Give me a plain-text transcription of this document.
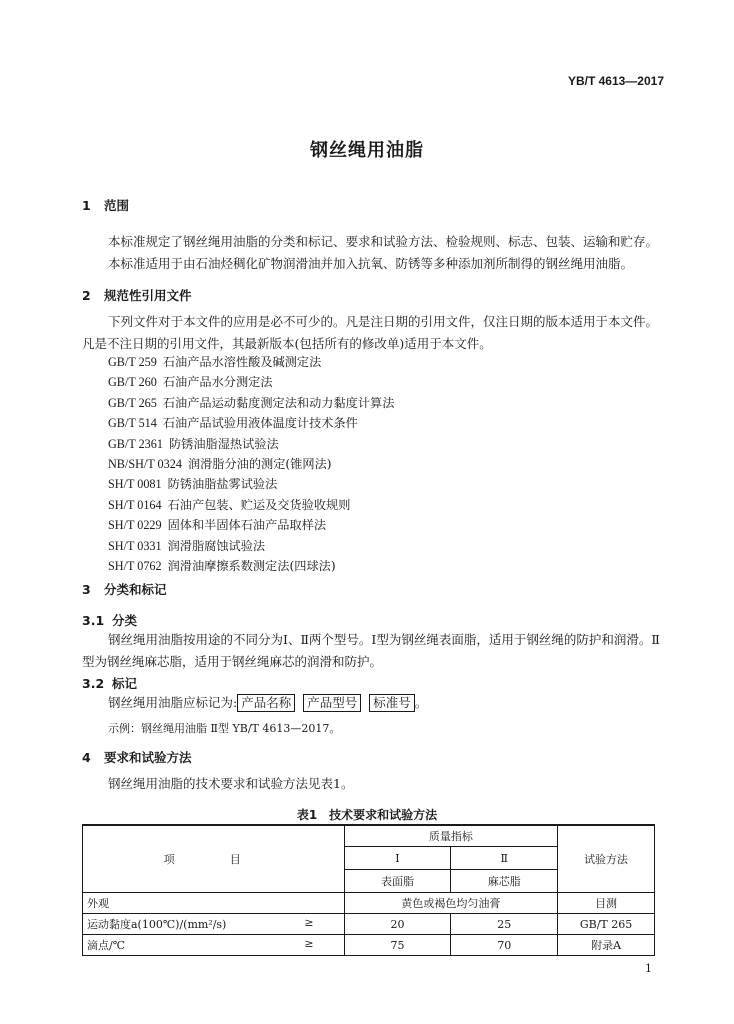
YB/T 4613—2017
钢丝绳用油脂
1 范围
本标准规定了钢丝绳用油脂的分类和标记、要求和试验方法、检验规则、标志、包装、运输和贮存。
本标准适用于由石油烃稠化矿物润滑油并加入抗氧、防锈等多种添加剂所制得的钢丝绳用油脂。
2 规范性引用文件
下列文件对于本文件的应用是必不可少的。凡是注日期的引用文件，仅注日期的版本适用于本文件。凡是不注日期的引用文件，其最新版本(包括所有的修改单)适用于本文件。
GB/T 259 石油产品水溶性酸及碱测定法
GB/T 260 石油产品水分测定法
GB/T 265 石油产品运动黏度测定法和动力黏度计算法
GB/T 514 石油产品试验用液体温度计技术条件
GB/T 2361 防锈油脂湿热试验法
NB/SH/T 0324 润滑脂分油的测定(锥网法)
SH/T 0081 防锈油脂盐雾试验法
SH/T 0164 石油产包装、贮运及交货验收规则
SH/T 0229 固体和半固体石油产品取样法
SH/T 0331 润滑脂腐蚀试验法
SH/T 0762 润滑油摩擦系数测定法(四球法)
3 分类和标记
3.1 分类
钢丝绳用油脂按用途的不同分为Ⅰ、Ⅱ两个型号。Ⅰ型为钢丝绳表面脂，适用于钢丝绳的防护和润滑。Ⅱ型为钢丝绳麻芯脂，适用于钢丝绳麻芯的润滑和防护。
3.2 标记
钢丝绳用油脂应标记为: 产品名称 产品型号 标准号 。
示例：钢丝绳用油脂 Ⅱ型 YB/T 4613—2017。
4 要求和试验方法
钢丝绳用油脂的技术要求和试验方法见表1。
表1　技术要求和试验方法
项　目	质量指标		试验方法
	Ⅰ	Ⅱ	
	表面脂	麻芯脂	
外观	黄色或褐色均匀油膏		目测
运动黏度a(100℃)/(mm²/s) ≥	20	25	GB/T 265
滴点/℃ ≥	75	70	附录A
1
